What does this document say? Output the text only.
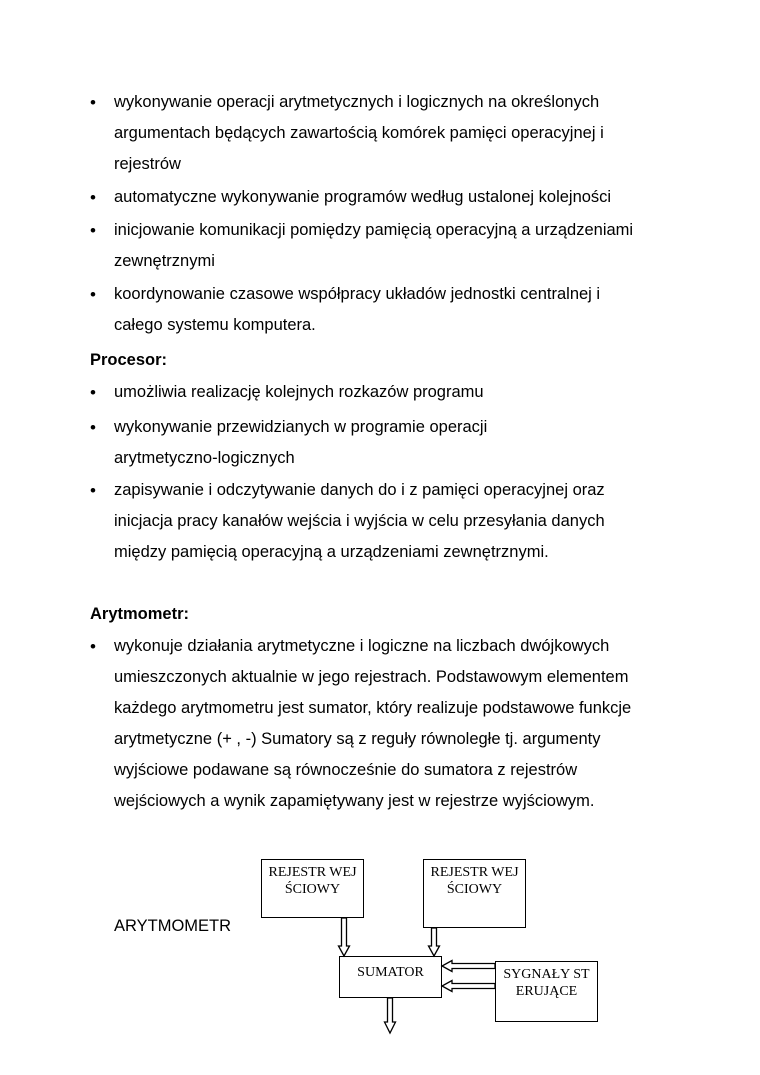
• wykonywanie operacji arytmetycznych i logicznych na określonych argumentach będących zawartością komórek pamięci operacyjnej i rejestrów
• automatyczne wykonywanie programów według ustalonej kolejności
• inicjowanie komunikacji pomiędzy pamięcią operacyjną a urządzeniami zewnętrznymi
• koordynowanie czasowe współpracy układów jednostki centralnej i całego systemu komputera.
Procesor:
• umożliwia realizację kolejnych rozkazów programu
• wykonywanie przewidzianych w programie operacji arytmetyczno-logicznych
• zapisywanie i odczytywanie danych do i z pamięci operacyjnej oraz inicjacja pracy kanałów wejścia i wyjścia w celu przesyłania danych między pamięcią operacyjną a urządzeniami zewnętrznymi.
Arytmometr:
• wykonuje działania arytmetyczne i logiczne na liczbach dwójkowych umieszczonych aktualnie w jego rejestrach. Podstawowym elementem każdego arytmometru jest sumator, który realizuje podstawowe funkcje arytmetyczne (+ , -) Sumatory są z reguły równoległe tj. argumenty wyjściowe podawane są równocześnie do sumatora z rejestrów wejściowych a wynik zapamiętywany jest w rejestrze wyjściowym.
ARYTMOMETR
REJESTR WEJŚCIOWY
REJESTR WEJŚCIOWY
SUMATOR	SYGNAŁY STERUJĄCE
